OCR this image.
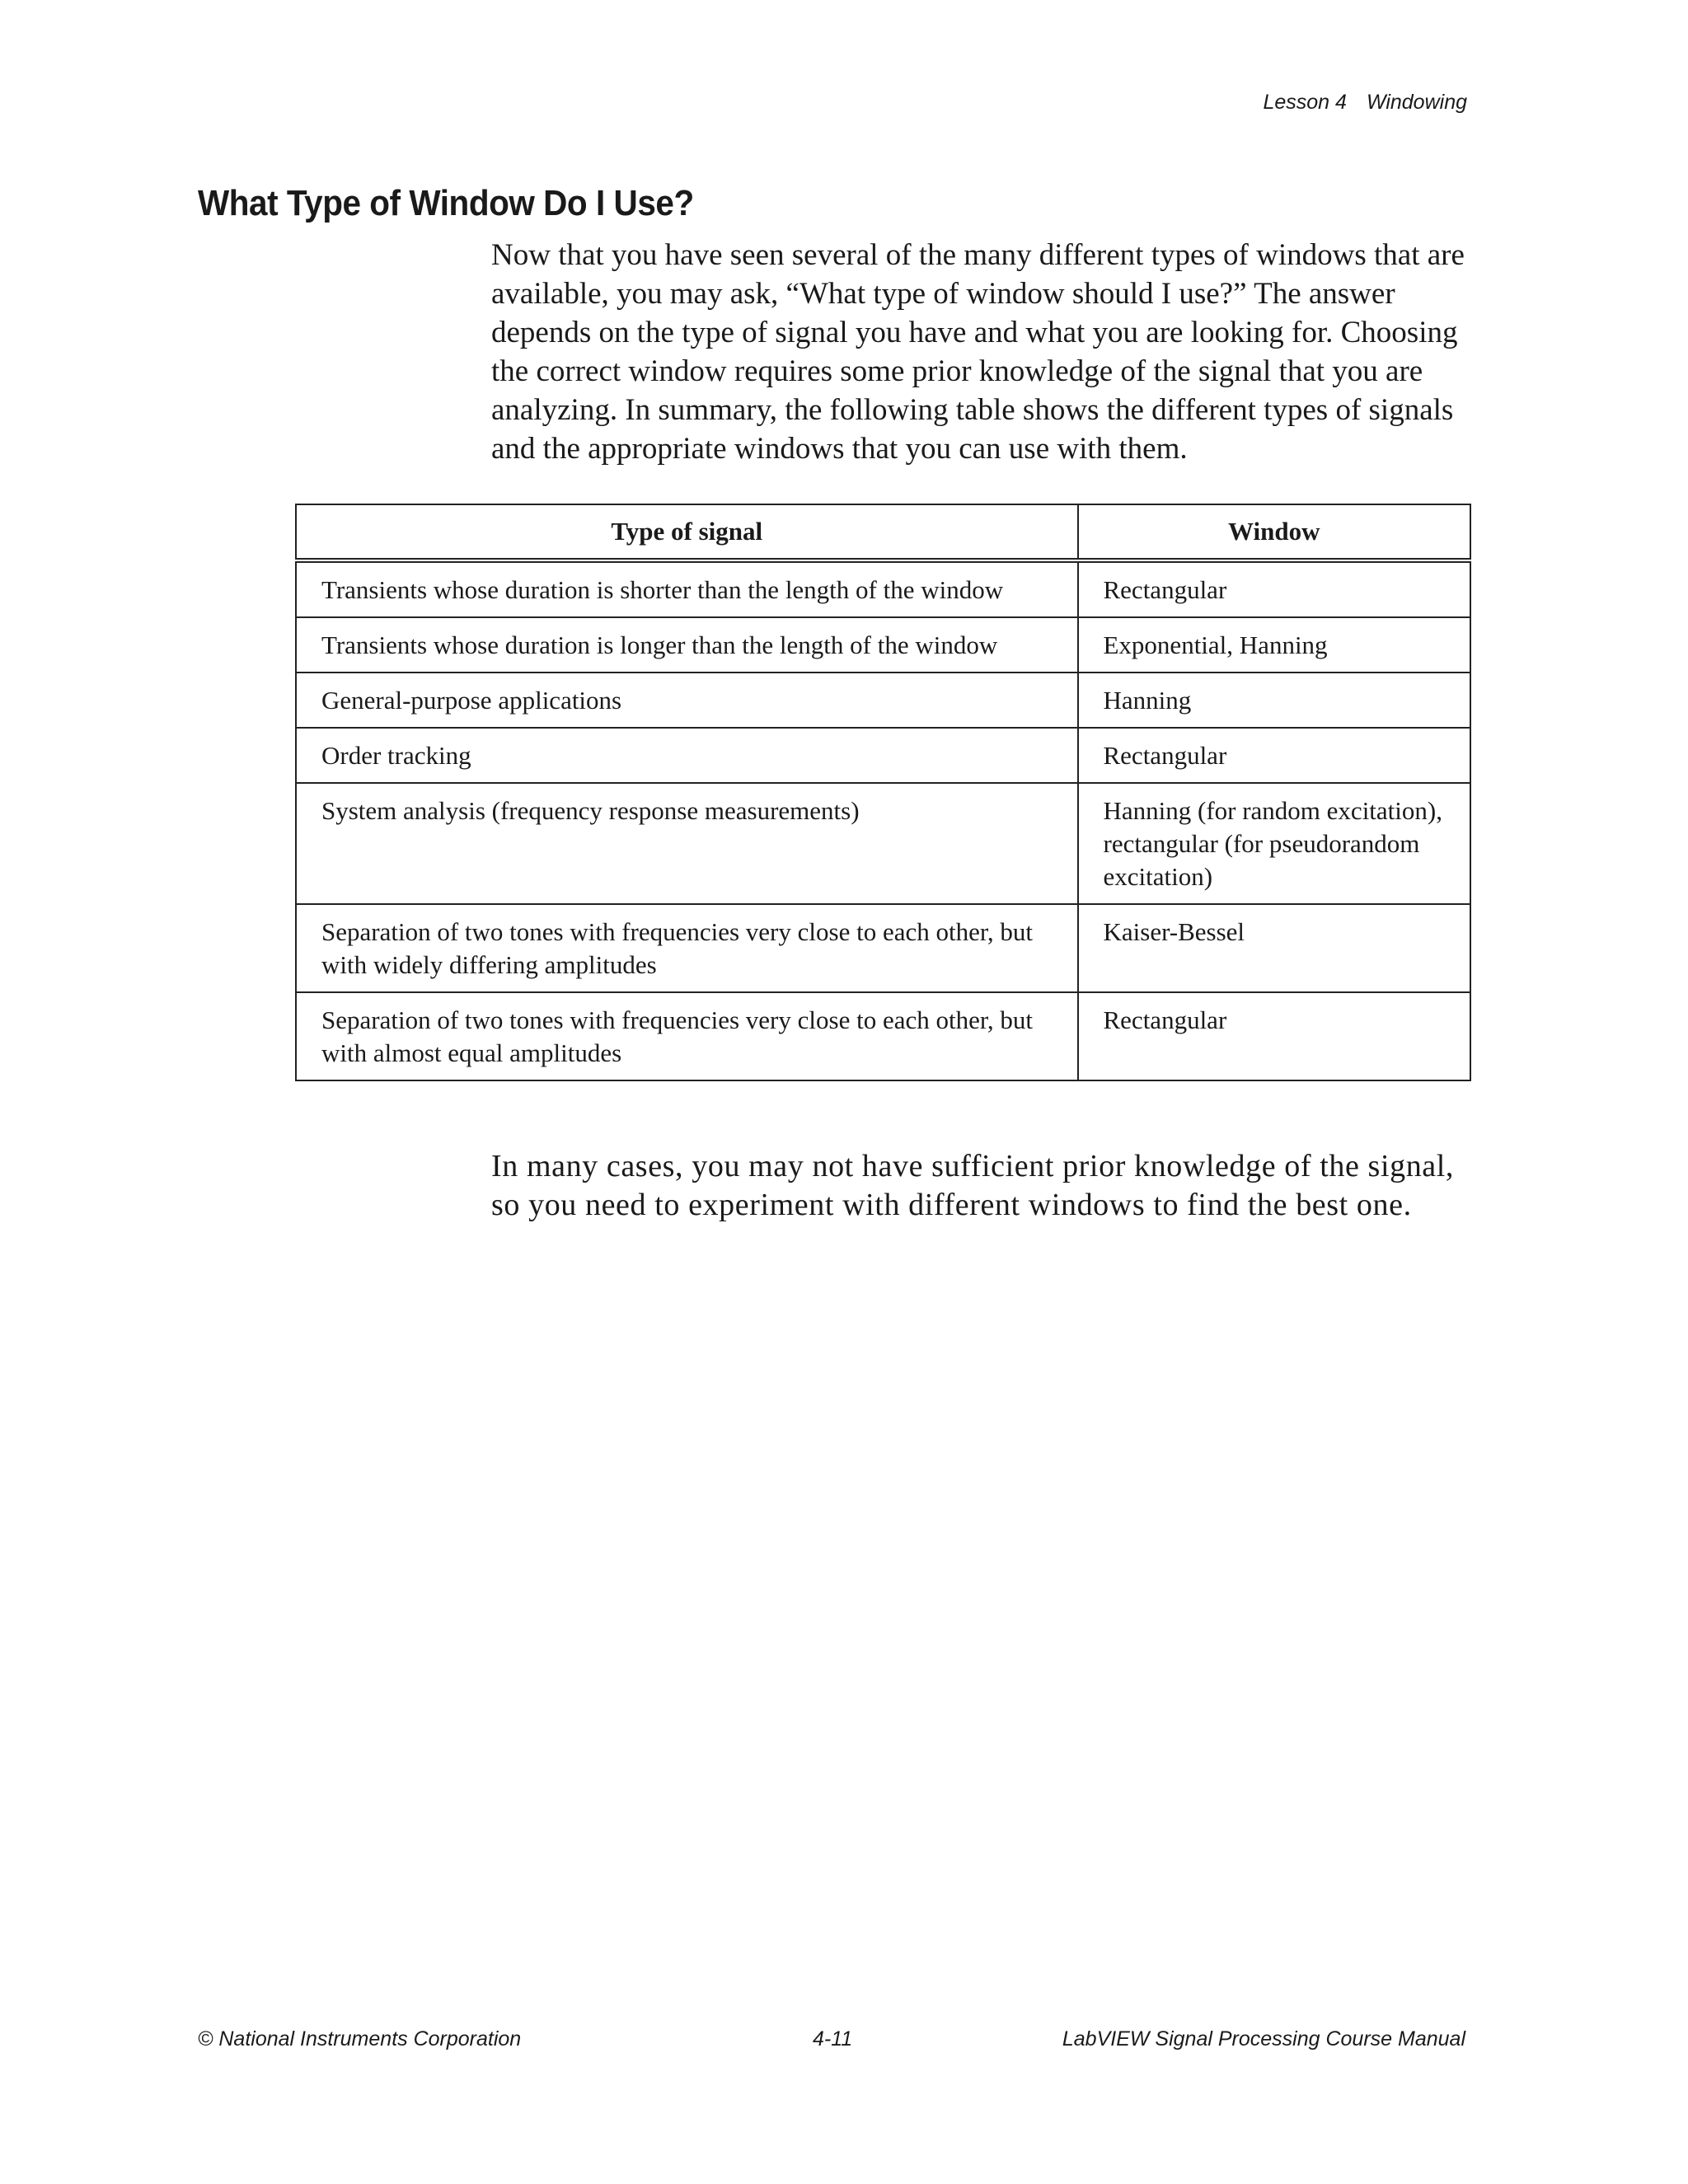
Lesson 4 Windowing
What Type of Window Do I Use?

Now that you have seen several of the many different types of windows that are available, you may ask, “What type of window should I use?” The answer depends on the type of signal you have and what you are looking for. Choosing the correct window requires some prior knowledge of the signal that you are analyzing. In summary, the following table shows the different types of signals and the appropriate windows that you can use with them.

Type of signal	Window
Transients whose duration is shorter than the length of the window	Rectangular
Transients whose duration is longer than the length of the window	Exponential, Hanning
General-purpose applications	Hanning
Order tracking	Rectangular
System analysis (frequency response measurements)	Hanning (for random excitation), rectangular (for pseudorandom excitation)
Separation of two tones with frequencies very close to each other, but with widely differing amplitudes	Kaiser-Bessel
Separation of two tones with frequencies very close to each other, but with almost equal amplitudes	Rectangular

In many cases, you may not have sufficient prior knowledge of the signal, so you need to experiment with different windows to find the best one.

© National Instruments Corporation	4-11	LabVIEW Signal Processing Course Manual
